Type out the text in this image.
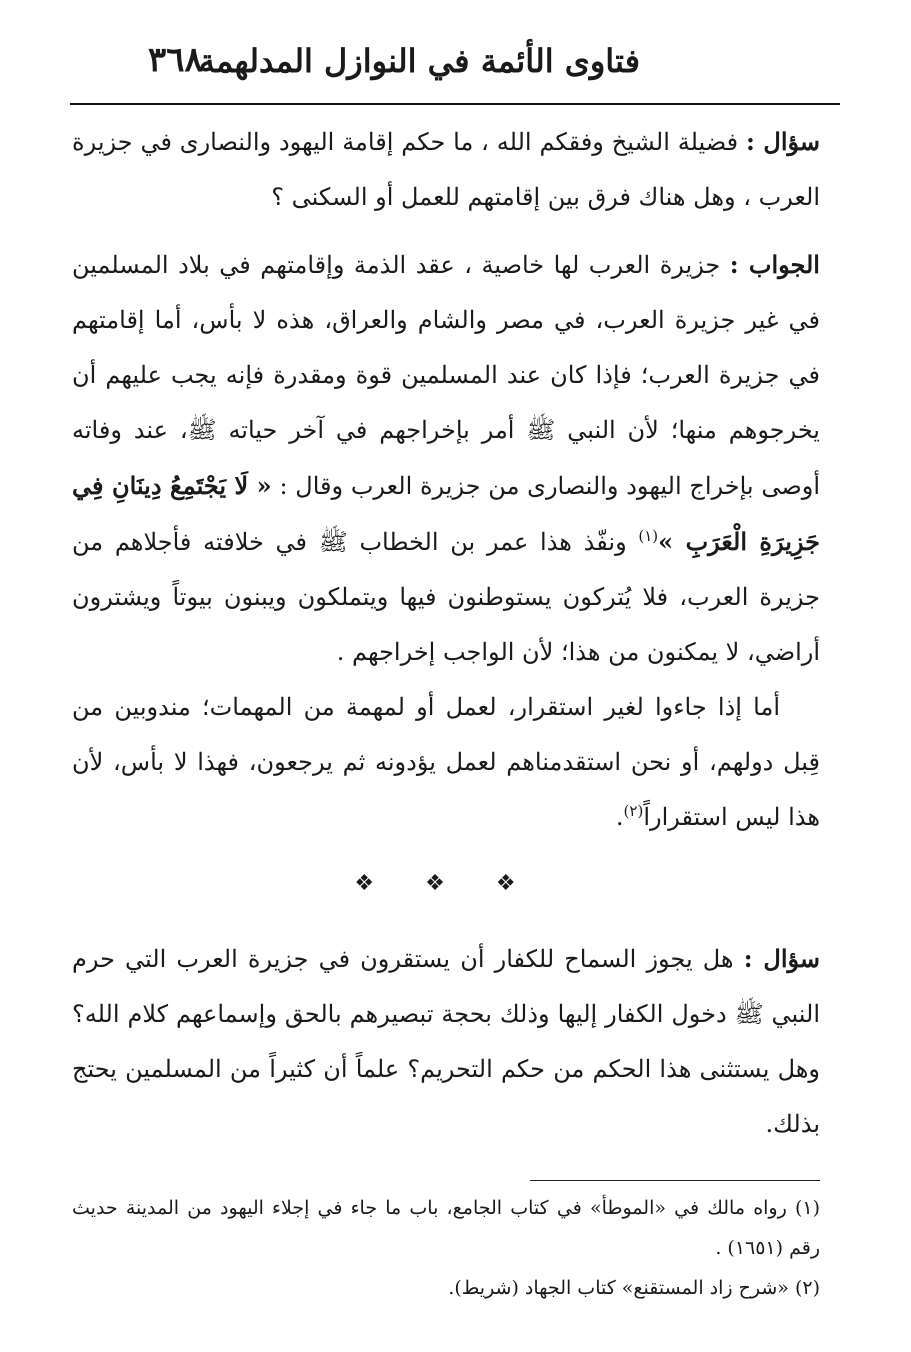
٣٦٨
فتاوى الأئمة في النوازل المدلهمة

سؤال : فضيلة الشيخ وفقكم الله ، ما حكم إقامة اليهود والنصارى في جزيرة العرب ، وهل هناك فرق بين إقامتهم للعمل أو السكنى ؟

الجواب : جزيرة العرب لها خاصية ، عقد الذمة وإقامتهم في بلاد المسلمين في غير جزيرة العرب، في مصر والشام والعراق، هذه لا بأس، أما إقامتهم في جزيرة العرب؛ فإذا كان عند المسلمين قوة ومقدرة فإنه يجب عليهم أن يخرجوهم منها؛ لأن النبي ﷺ أمر بإخراجهم في آخر حياته ﷺ، عند وفاته أوصى بإخراج اليهود والنصارى من جزيرة العرب وقال : « لَا يَجْتَمِعُ دِينَانِ فِي جَزِيرَةِ الْعَرَبِ »$^{(١)}$ ونفّذ هذا عمر بن الخطاب ﷺ في خلافته فأجلاهم من جزيرة العرب، فلا يُتركون يستوطنون فيها ويتملكون ويبنون بيوتاً ويشترون أراضي، لا يمكنون من هذا؛ لأن الواجب إخراجهم .

أما إذا جاءوا لغير استقرار، لعمل أو لمهمة من المهمات؛ مندوبين من قِبل دولهم، أو نحن استقدمناهم لعمل يؤدونه ثم يرجعون، فهذا لا بأس، لأن هذا ليس استقراراً$^{(٢)}$.

❖ ❖ ❖

سؤال : هل يجوز السماح للكفار أن يستقرون في جزيرة العرب التي حرم النبي ﷺ دخول الكفار إليها وذلك بحجة تبصيرهم بالحق وإسماعهم كلام الله؟ وهل يستثنى هذا الحكم من حكم التحريم؟ علماً أن كثيراً من المسلمين يحتج بذلك.

(١) رواه مالك في «الموطأ» في كتاب الجامع، باب ما جاء في إجلاء اليهود من المدينة حديث رقم (١٦٥١) .

(٢) «شرح زاد المستقنع» كتاب الجهاد (شريط).
